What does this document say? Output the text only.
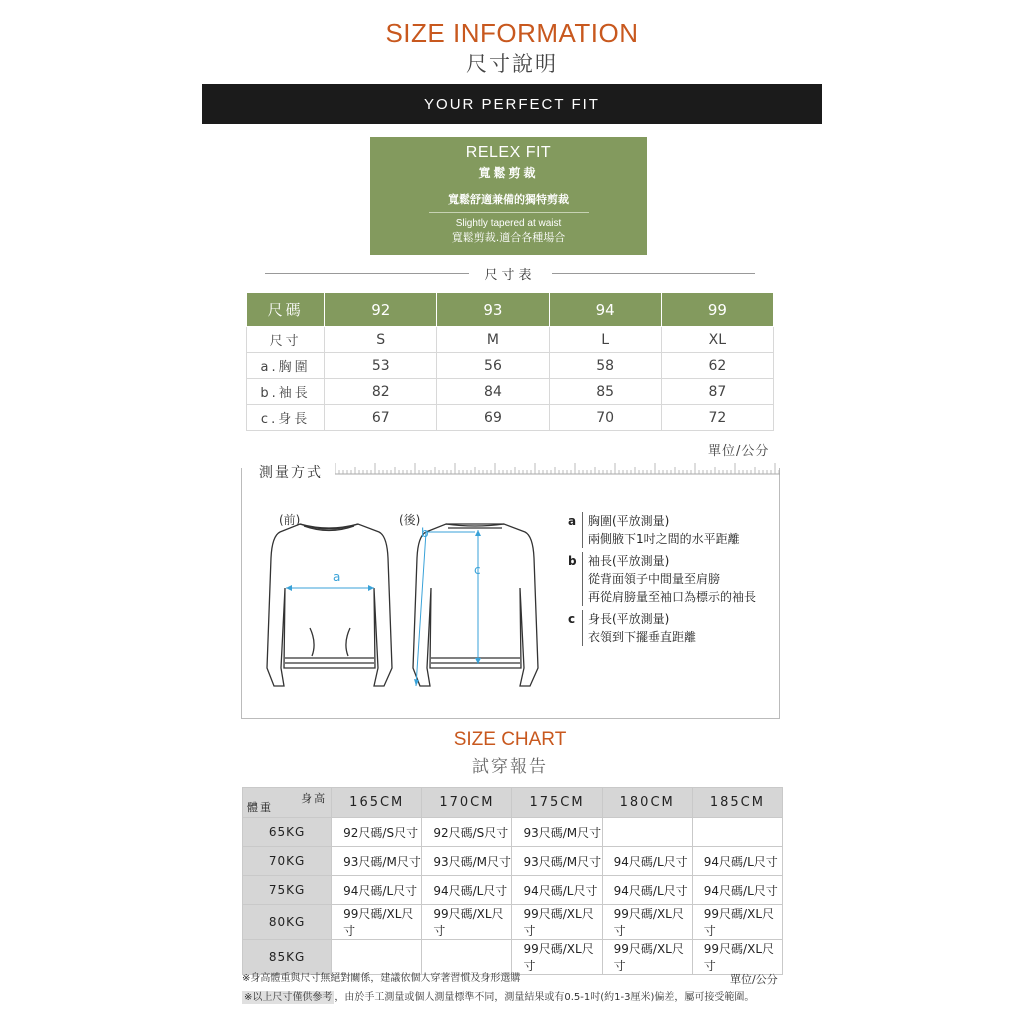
SIZE INFORMATION
尺寸說明
YOUR PERFECT FIT
RELEX FIT
寬鬆剪裁
寬鬆舒適兼備的獨特剪裁
Slightly tapered at waist
寬鬆剪裁.適合各種場合
尺寸表
尺碼	92	93	94	99
尺寸	S	M	L	XL
a.胸圍	53	56	58	62
b.袖長	82	84	85	87
c.身長	67	69	70	72
單位/公分
測量方式
(前)	(後)
a
b
c
a 胸圍(平放測量)
兩側腋下1吋之間的水平距離
b 袖長(平放測量)
從背面領子中間量至肩膀
再從肩膀量至袖口為標示的袖長
c	身長(平放測量)
衣領到下擺垂直距離
SIZE CHART
試穿報告
身高
體重	165CM	170CM	175CM	180CM	185CM
65KG	92尺碼/S尺寸	92尺碼/S尺寸	93尺碼/M尺寸		
70KG	93尺碼/M尺寸	93尺碼/M尺寸	93尺碼/M尺寸	94尺碼/L尺寸	94尺碼/L尺寸
75KG	94尺碼/L尺寸	94尺碼/L尺寸	94尺碼/L尺寸	94尺碼/L尺寸	94尺碼/L尺寸
80KG	99尺碼/XL尺寸	99尺碼/XL尺寸	99尺碼/XL尺寸	99尺碼/XL尺寸	99尺碼/XL尺寸
85KG			99尺碼/XL尺寸	99尺碼/XL尺寸	99尺碼/XL尺寸
※身高體重與尺寸無絕對關係，建議依個人穿著習慣及身形選購	單位/公分
※以上尺寸僅供參考 ，由於手工測量或個人測量標準不同，測量結果或有0.5-1吋(約1-3厘米)偏差，屬可接受範圍。
